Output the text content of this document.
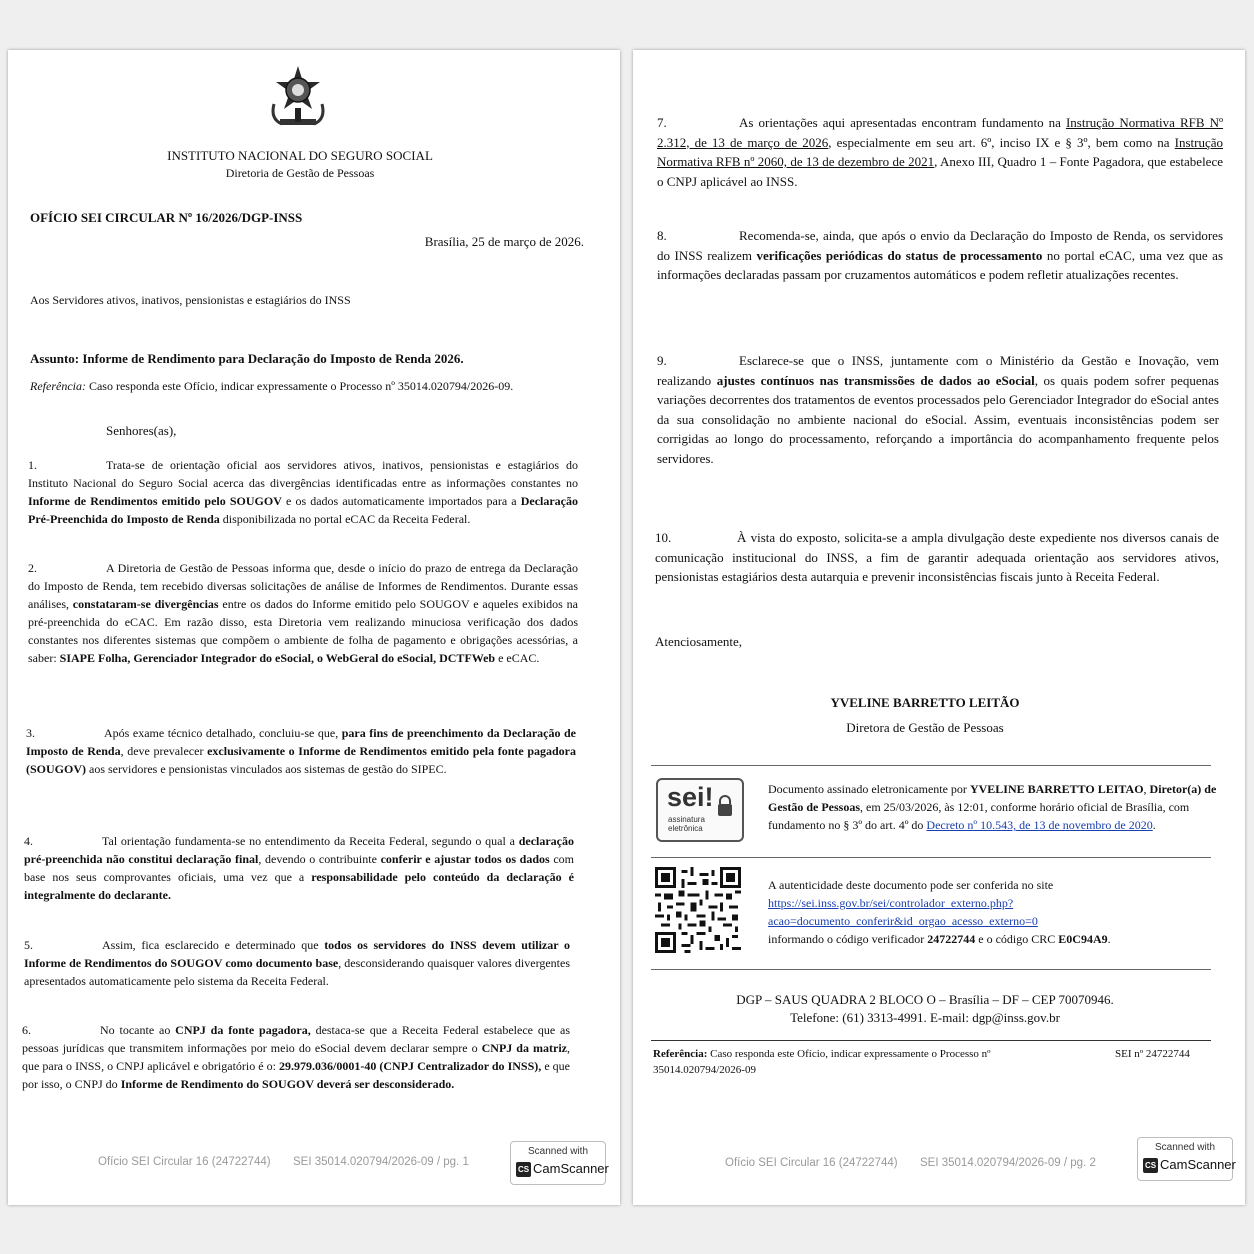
INSTITUTO NACIONAL DO SEGURO SOCIAL
Diretoria de Gestão de Pessoas
OFÍCIO SEI CIRCULAR Nº 16/2026/DGP-INSS
Brasília, 25 de março de 2026.
Aos Servidores ativos, inativos, pensionistas e estagiários do INSS
Assunto: Informe de Rendimento para Declaração do Imposto de Renda 2026.
Referência: Caso responda este Ofício, indicar expressamente o Processo nº 35014.020794/2026-09.
Senhores(as),
1.	Trata-se de orientação oficial aos servidores ativos, inativos, pensionistas e estagiários do Instituto Nacional do Seguro Social acerca das divergências identificadas entre as informações constantes no Informe de Rendimentos emitido pelo SOUGOV e os dados automaticamente importados para a Declaração Pré-Preenchida do Imposto de Renda disponibilizada no portal eCAC da Receita Federal.
2.	A Diretoria de Gestão de Pessoas informa que, desde o início do prazo de entrega da Declaração do Imposto de Renda, tem recebido diversas solicitações de análise de Informes de Rendimentos. Durante essas análises, constataram-se divergências entre os dados do Informe emitido pelo SOUGOV e aqueles exibidos na pré-preenchida do eCAC. Em razão disso, esta Diretoria vem realizando minuciosa verificação dos dados constantes nos diferentes sistemas que compõem o ambiente de folha de pagamento e obrigações acessórias, a saber: SIAPE Folha, Gerenciador Integrador do eSocial, o WebGeral do eSocial, DCTFWeb e eCAC.
3.	Após exame técnico detalhado, concluiu-se que, para fins de preenchimento da Declaração de Imposto de Renda, deve prevalecer exclusivamente o Informe de Rendimentos emitido pela fonte pagadora (SOUGOV) aos servidores e pensionistas vinculados aos sistemas de gestão do SIPEC.
4.	Tal orientação fundamenta-se no entendimento da Receita Federal, segundo o qual a declaração pré-preenchida não constitui declaração final, devendo o contribuinte conferir e ajustar todos os dados com base nos seus comprovantes oficiais, uma vez que a responsabilidade pelo conteúdo da declaração é integralmente do declarante.
5.	Assim, fica esclarecido e determinado que todos os servidores do INSS devem utilizar o Informe de Rendimentos do SOUGOV como documento base, desconsiderando quaisquer valores divergentes apresentados automaticamente pelo sistema da Receita Federal.
6.	No tocante ao CNPJ da fonte pagadora, destaca-se que a Receita Federal estabelece que as pessoas jurídicas que transmitem informações por meio do eSocial devem declarar sempre o CNPJ da matriz, que para o INSS, o CNPJ aplicável e obrigatório é o: 29.979.036/0001-40 (CNPJ Centralizador do INSS), e que por isso, o CNPJ do Informe de Rendimento do SOUGOV deverá ser desconsiderado.
Ofício SEI Circular 16 (24722744) SEI 35014.020794/2026-09 / pg. 1
Scanned with
CS CamScanner
7.	As orientações aqui apresentadas encontram fundamento na Instrução Normativa RFB Nº 2.312, de 13 de março de 2026, especialmente em seu art. 6º, inciso IX e § 3º, bem como na Instrução Normativa RFB nº 2060, de 13 de dezembro de 2021, Anexo III, Quadro 1 – Fonte Pagadora, que estabelece o CNPJ aplicável ao INSS.
8.	Recomenda-se, ainda, que após o envio da Declaração do Imposto de Renda, os servidores do INSS realizem verificações periódicas do status de processamento no portal eCAC, uma vez que as informações declaradas passam por cruzamentos automáticos e podem refletir atualizações recentes.
9.	Esclarece-se que o INSS, juntamente com o Ministério da Gestão e Inovação, vem realizando ajustes contínuos nas transmissões de dados ao eSocial, os quais podem sofrer pequenas variações decorrentes dos tratamentos de eventos processados pelo Gerenciador Integrador do eSocial antes da sua consolidação no ambiente nacional do eSocial. Assim, eventuais inconsistências podem ser corrigidas ao longo do processamento, reforçando a importância do acompanhamento frequente pelos servidores.
10.	À vista do exposto, solicita-se a ampla divulgação deste expediente nos diversos canais de comunicação institucional do INSS, a fim de garantir adequada orientação aos servidores ativos, pensionistas estagiários desta autarquia e prevenir inconsistências fiscais junto à Receita Federal.
Atenciosamente,
YVELINE BARRETTO LEITÃO
Diretora de Gestão de Pessoas
sei!
assinatura
eletrônica
Documento assinado eletronicamente por YVELINE BARRETTO LEITAO, Diretor(a) de Gestão de Pessoas, em 25/03/2026, às 12:01, conforme horário oficial de Brasília, com fundamento no § 3º do art. 4º do Decreto nº 10.543, de 13 de novembro de 2020.
A autenticidade deste documento pode ser conferida no site
https://sei.inss.gov.br/sei/controlador_externo.php?
acao=documento_conferir&id_orgao_acesso_externo=0
informando o código verificador 24722744 e o código CRC E0C94A9.
DGP – SAUS QUADRA 2 BLOCO O – Brasília – DF – CEP 70070946.
Telefone: (61) 3313-4991. E-mail: dgp@inss.gov.br
Referência: Caso responda este Ofício, indicar expressamente o Processo nº 35014.020794/2026-09
SEI nº 24722744
Ofício SEI Circular 16 (24722744) SEI 35014.020794/2026-09 / pg. 2
Scanned with
CS CamScanner
